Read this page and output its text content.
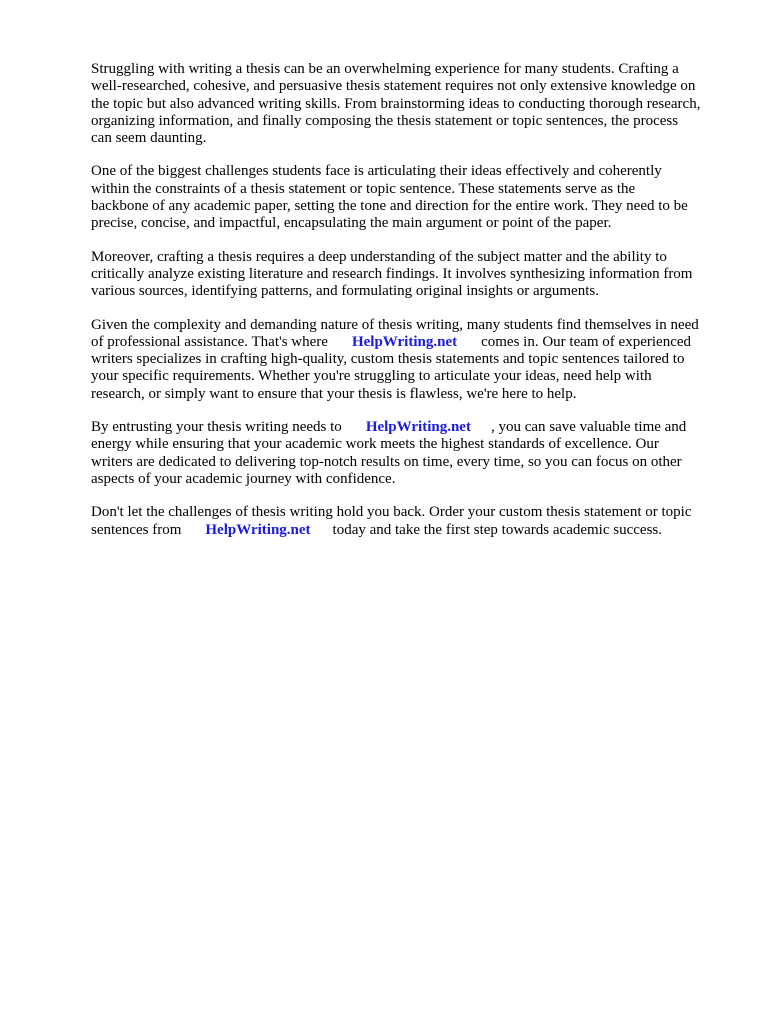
Struggling with writing a thesis can be an overwhelming experience for many students. Crafting a
well-researched, cohesive, and persuasive thesis statement requires not only extensive knowledge on
the topic but also advanced writing skills. From brainstorming ideas to conducting thorough research,
organizing information, and finally composing the thesis statement or topic sentences, the process
can seem daunting.

One of the biggest challenges students face is articulating their ideas effectively and coherently
within the constraints of a thesis statement or topic sentence. These statements serve as the
backbone of any academic paper, setting the tone and direction for the entire work. They need to be
precise, concise, and impactful, encapsulating the main argument or point of the paper.

Moreover, crafting a thesis requires a deep understanding of the subject matter and the ability to
critically analyze existing literature and research findings. It involves synthesizing information from
various sources, identifying patterns, and formulating original insights or arguments.

Given the complexity and demanding nature of thesis writing, many students find themselves in need
of professional assistance. That's where HelpWriting.net comes in. Our team of experienced
writers specializes in crafting high-quality, custom thesis statements and topic sentences tailored to
your specific requirements. Whether you're struggling to articulate your ideas, need help with
research, or simply want to ensure that your thesis is flawless, we're here to help.

By entrusting your thesis writing needs to HelpWriting.net , you can save valuable time and
energy while ensuring that your academic work meets the highest standards of excellence. Our
writers are dedicated to delivering top-notch results on time, every time, so you can focus on other
aspects of your academic journey with confidence.

Don't let the challenges of thesis writing hold you back. Order your custom thesis statement or topic
sentences from HelpWriting.net today and take the first step towards academic success.
